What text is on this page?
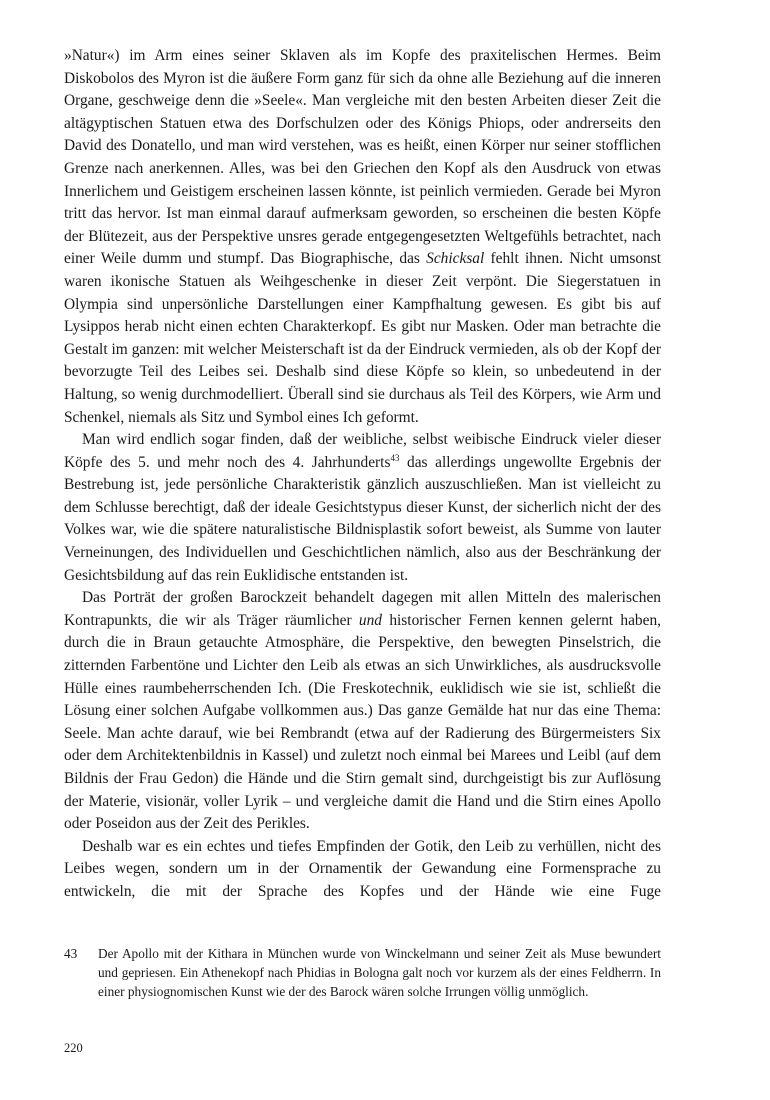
»Natur«) im Arm eines seiner Sklaven als im Kopfe des praxitelischen Hermes. Beim Diskobolos des Myron ist die äußere Form ganz für sich da ohne alle Beziehung auf die inneren Organe, geschweige denn die »Seele«. Man vergleiche mit den besten Arbeiten dieser Zeit die altägyptischen Statuen etwa des Dorfschulzen oder des Königs Phiops, oder andrerseits den David des Donatello, und man wird verstehen, was es heißt, einen Körper nur seiner stofflichen Grenze nach anerkennen. Alles, was bei den Griechen den Kopf als den Ausdruck von etwas Innerlichem und Geistigem erscheinen lassen könnte, ist peinlich vermieden. Gerade bei Myron tritt das hervor. Ist man einmal darauf aufmerksam geworden, so erscheinen die besten Köpfe der Blütezeit, aus der Perspektive unsres gerade entgegengesetzten Weltgefühls betrachtet, nach einer Weile dumm und stumpf. Das Biographische, das Schicksal fehlt ihnen. Nicht umsonst waren ikonische Statuen als Weihgeschenke in dieser Zeit verpönt. Die Siegerstatuen in Olympia sind unpersönliche Darstellungen einer Kampfhaltung gewesen. Es gibt bis auf Lysippos herab nicht einen echten Charakterkopf. Es gibt nur Masken. Oder man betrachte die Gestalt im ganzen: mit welcher Meisterschaft ist da der Eindruck vermieden, als ob der Kopf der bevorzugte Teil des Leibes sei. Deshalb sind diese Köpfe so klein, so unbedeutend in der Haltung, so wenig durchmodelliert. Überall sind sie durchaus als Teil des Körpers, wie Arm und Schenkel, niemals als Sitz und Symbol eines Ich geformt.

Man wird endlich sogar finden, daß der weibliche, selbst weibische Eindruck vieler dieser Köpfe des 5. und mehr noch des 4. Jahrhunderts$^{43}$ das allerdings ungewollte Ergebnis der Bestrebung ist, jede persönliche Charakteristik gänzlich auszuschließen. Man ist vielleicht zu dem Schlusse berechtigt, daß der ideale Gesichtstypus dieser Kunst, der sicherlich nicht der des Volkes war, wie die spätere naturalistische Bildnisplastik sofort beweist, als Summe von lauter Verneinungen, des Individuellen und Geschichtlichen nämlich, also aus der Beschränkung der Gesichtsbildung auf das rein Euklidische entstanden ist.

Das Porträt der großen Barockzeit behandelt dagegen mit allen Mitteln des malerischen Kontrapunkts, die wir als Träger räumlicher und historischer Fernen kennen gelernt haben, durch die in Braun getauchte Atmosphäre, die Perspektive, den bewegten Pinselstrich, die zitternden Farbentöne und Lichter den Leib als etwas an sich Unwirkliches, als ausdrucksvolle Hülle eines raumbeherrschenden Ich. (Die Freskotechnik, euklidisch wie sie ist, schließt die Lösung einer solchen Aufgabe vollkommen aus.) Das ganze Gemälde hat nur das eine Thema: Seele. Man achte darauf, wie bei Rembrandt (etwa auf der Radierung des Bürgermeisters Six oder dem Architektenbildnis in Kassel) und zuletzt noch einmal bei Marees und Leibl (auf dem Bildnis der Frau Gedon) die Hände und die Stirn gemalt sind, durchgeistigt bis zur Auflösung der Materie, visionär, voller Lyrik – und vergleiche damit die Hand und die Stirn eines Apollo oder Poseidon aus der Zeit des Perikles.

Deshalb war es ein echtes und tiefes Empfinden der Gotik, den Leib zu verhüllen, nicht des Leibes wegen, sondern um in der Ornamentik der Gewandung eine Formensprache zu entwickeln, die mit der Sprache des Kopfes und der Hände wie eine Fuge

43	Der Apollo mit der Kithara in München wurde von Winckelmann und seiner Zeit als Muse bewundert und gepriesen. Ein Athenekopf nach Phidias in Bologna galt noch vor kurzem als der eines Feldherrn. In einer physiognomischen Kunst wie der des Barock wären solche Irrungen völlig unmöglich.
220
